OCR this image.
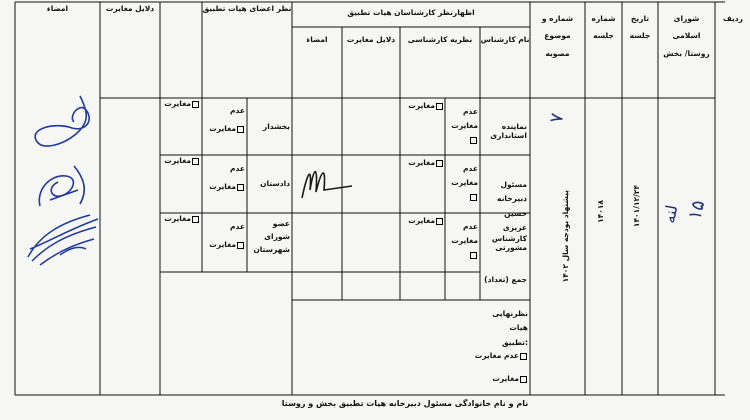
ردیف
شورای اسلامی روستا/ بخش
تاریخ جلسه
شماره جلسه
شماره و موضوع مصوبه
اظهارنظر کارشناسان هیات تطبیق
نام کارشناس
نظریه کارشناسی
دلایل مغایرت
امضاء
نظر اعضای هیات تطبیق
دلایل مغایرت
امضاء
۱۵
لنه
۱۴۰۱/۱۲/۲۴
۱۴۰۱۸
۷
پیشنهاد بودجه سال ۱۴۰۲
نماینده استانداری
مسئول دبیرخانه حسین عزیزی
کارشناس مشورتی
عدم مغایرت
مغایرت
عدم مغایرت
مغایرت
عدم مغایرت
مغایرت
جمع (تعداد)
بخشدار
دادستان
عضو شورای شهرستان
عدم مغایرت
مغایرت
عدم مغایرت
مغایرت
عدم مغایرت
مغایرت
نظرنهایی هیات تطبیق:
عدم مغایرت
مغایرت
نام و نام خانوادگی مسئول دبیرخانه هیات تطبیق بخش و روستا
